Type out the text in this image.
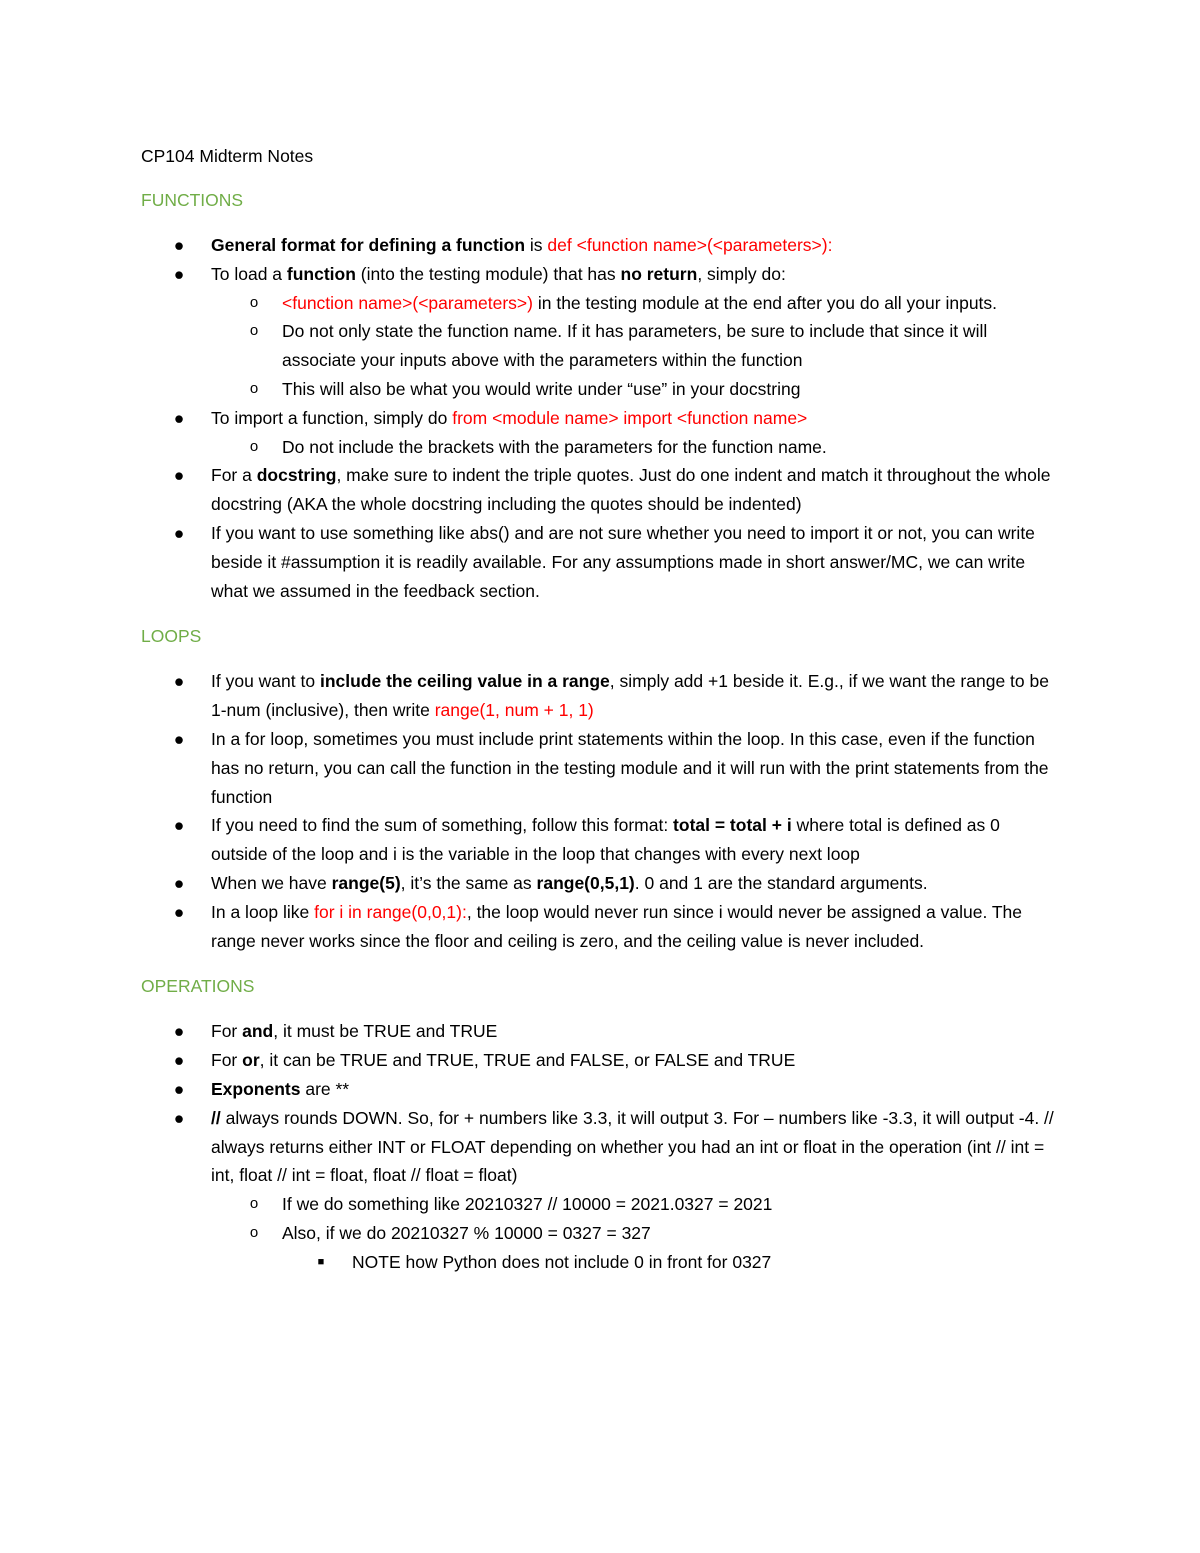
CP104 Midterm Notes
FUNCTIONS
● General format for defining a function is def <function name>(<parameters>):
● To load a function (into the testing module) that has no return, simply do:
o	<function name>(<parameters>) in the testing module at the end after you do all your inputs.
o	Do not only state the function name. If it has parameters, be sure to include that since it will associate your inputs above with the parameters within the function
o	This will also be what you would write under “use” in your docstring
● To import a function, simply do from <module name> import <function name>
o	Do not include the brackets with the parameters for the function name.
● For a docstring, make sure to indent the triple quotes. Just do one indent and match it throughout the whole docstring (AKA the whole docstring including the quotes should be indented)
● If you want to use something like abs() and are not sure whether you need to import it or not, you can write beside it #assumption it is readily available. For any assumptions made in short answer/MC, we can write what we assumed in the feedback section.
LOOPS
● If you want to include the ceiling value in a range, simply add +1 beside it. E.g., if we want the range to be 1-num (inclusive), then write range(1, num + 1, 1)
● In a for loop, sometimes you must include print statements within the loop. In this case, even if the function has no return, you can call the function in the testing module and it will run with the print statements from the function
● If you need to find the sum of something, follow this format: total = total + i where total is defined as 0 outside of the loop and i is the variable in the loop that changes with every next loop
● When we have range(5), it’s the same as range(0,5,1). 0 and 1 are the standard arguments.
● In a loop like for i in range(0,0,1):, the loop would never run since i would never be assigned a value. The range never works since the floor and ceiling is zero, and the ceiling value is never included.
OPERATIONS
● For and, it must be TRUE and TRUE
● For or, it can be TRUE and TRUE, TRUE and FALSE, or FALSE and TRUE
● Exponents are **
● // always rounds DOWN. So, for + numbers like 3.3, it will output 3. For – numbers like -3.3, it will output -4. // always returns either INT or FLOAT depending on whether you had an int or float in the operation (int // int = int, float // int = float, float // float = float)
o	If we do something like 20210327 // 10000 = 2021.0327 = 2021
o	Also, if we do 20210327 % 10000 = 0327 = 327
■	NOTE how Python does not include 0 in front for 0327
